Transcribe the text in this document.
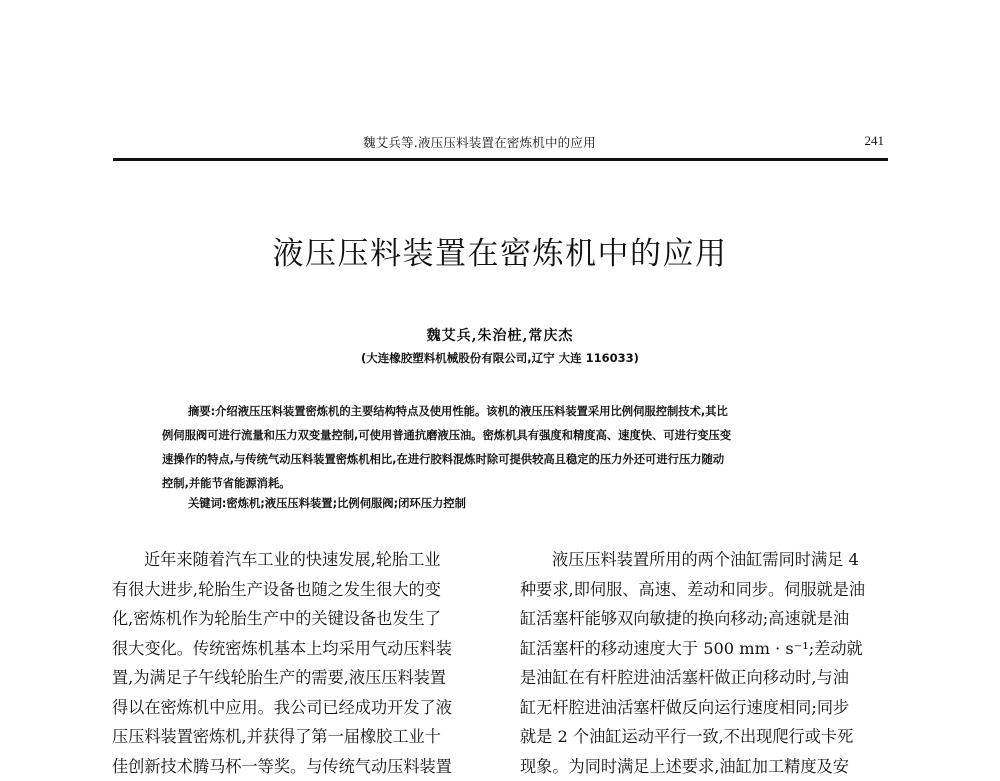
魏艾兵等.液压压料装置在密炼机中的应用	241
液压压料装置在密炼机中的应用
魏艾兵,朱治桩,常庆杰
(大连橡胶塑料机械股份有限公司,辽宁 大连 116033)
摘要:介绍液压压料装置密炼机的主要结构特点及使用性能。该机的液压压料装置采用比例伺服控制技术,其比
例伺服阀可进行流量和压力双变量控制,可使用普通抗磨液压油。密炼机具有强度和精度高、速度快、可进行变压变
速操作的特点,与传统气动压料装置密炼机相比,在进行胶料混炼时除可提供较高且稳定的压力外还可进行压力随动
控制,并能节省能源消耗。
关键词:密炼机;液压压料装置;比例伺服阀;闭环压力控制
近年来随着汽车工业的快速发展,轮胎工业
有很大进步,轮胎生产设备也随之发生很大的变
化,密炼机作为轮胎生产中的关键设备也发生了
很大变化。传统密炼机基本上均采用气动压料装
置,为满足子午线轮胎生产的需要,液压压料装置
得以在密炼机中应用。我公司已经成功开发了液
压压料装置密炼机,并获得了第一届橡胶工业十
佳创新技术腾马杯一等奖。与传统气动压料装置
液压压料装置所用的两个油缸需同时满足 4
种要求,即伺服、高速、差动和同步。伺服就是油
缸活塞杆能够双向敏捷的换向移动;高速就是油
缸活塞杆的移动速度大于 500 mm · s⁻¹;差动就
是油缸在有杆腔进油活塞杆做正向移动时,与油
缸无杆腔进油活塞杆做反向运行速度相同;同步
就是 2 个油缸运动平行一致,不出现爬行或卡死
现象。为同时满足上述要求,油缸加工精度及安
